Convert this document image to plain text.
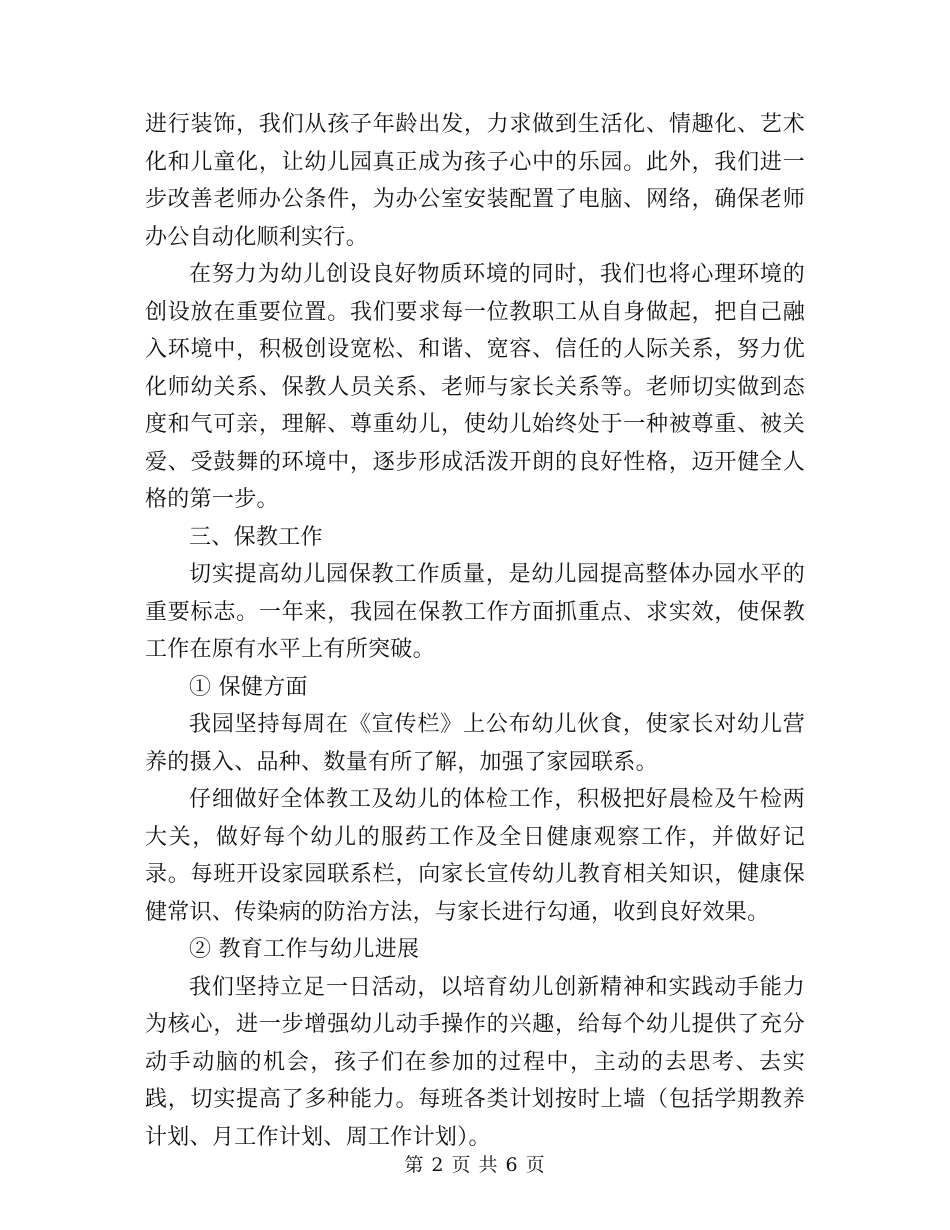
进行装饰，我们从孩子年龄出发，力求做到生活化、情趣化、艺术化和儿童化，让幼儿园真正成为孩子心中的乐园。此外，我们进一步改善老师办公条件，为办公室安装配置了电脑、网络，确保老师办公自动化顺利实行。

在努力为幼儿创设良好物质环境的同时，我们也将心理环境的创设放在重要位置。我们要求每一位教职工从自身做起，把自己融入环境中，积极创设宽松、和谐、宽容、信任的人际关系，努力优化师幼关系、保教人员关系、老师与家长关系等。老师切实做到态度和气可亲，理解、尊重幼儿，使幼儿始终处于一种被尊重、被关爱、受鼓舞的环境中，逐步形成活泼开朗的良好性格，迈开健全人格的第一步。

三、保教工作

切实提高幼儿园保教工作质量，是幼儿园提高整体办园水平的重要标志。一年来，我园在保教工作方面抓重点、求实效，使保教工作在原有水平上有所突破。

① 保健方面

我园坚持每周在《宣传栏》上公布幼儿伙食，使家长对幼儿营养的摄入、品种、数量有所了解，加强了家园联系。

仔细做好全体教工及幼儿的体检工作，积极把好晨检及午检两大关，做好每个幼儿的服药工作及全日健康观察工作，并做好记录。每班开设家园联系栏，向家长宣传幼儿教育相关知识，健康保健常识、传染病的防治方法，与家长进行勾通，收到良好效果。

② 教育工作与幼儿进展

我们坚持立足一日活动，以培育幼儿创新精神和实践动手能力为核心，进一步增强幼儿动手操作的兴趣，给每个幼儿提供了充分动手动脑的机会，孩子们在参加的过程中，主动的去思考、去实践，切实提高了多种能力。每班各类计划按时上墙（包括学期教养计划、月工作计划、周工作计划）。

第 2 页 共 6 页
